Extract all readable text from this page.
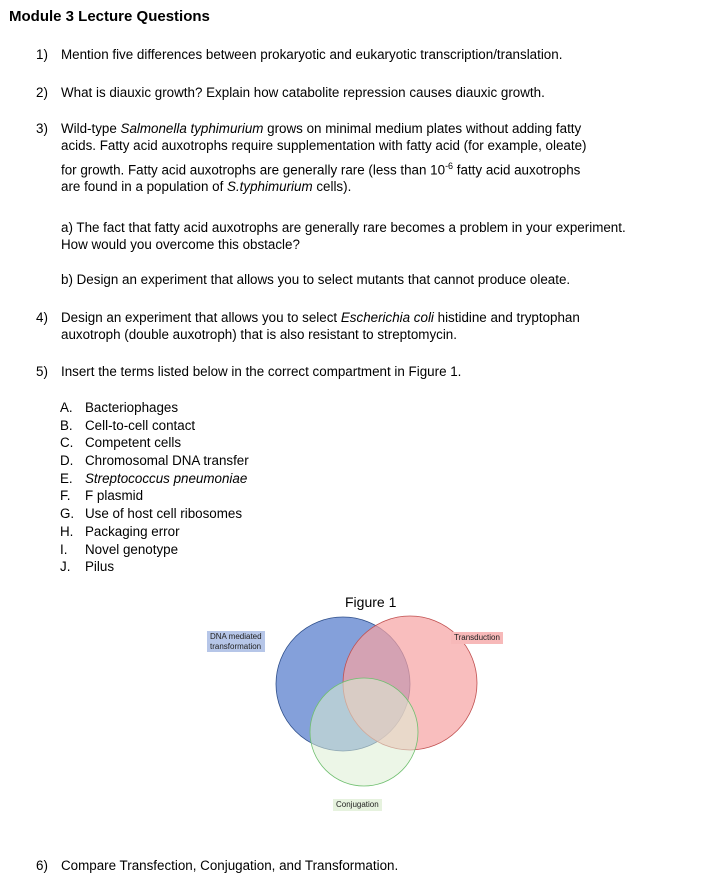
Module 3 Lecture Questions
1) Mention five differences between prokaryotic and eukaryotic transcription/translation.
2) What is diauxic growth? Explain how catabolite repression causes diauxic growth.
3) Wild-type Salmonella typhimurium grows on minimal medium plates without adding fatty
acids. Fatty acid auxotrophs require supplementation with fatty acid (for example, oleate)
for growth. Fatty acid auxotrophs are generally rare (less than $10^{-6}$ fatty acid auxotrophs
are found in a population of S.typhimurium cells).
a) The fact that fatty acid auxotrophs are generally rare becomes a problem in your experiment. How would you overcome this obstacle?
b) Design an experiment that allows you to select mutants that cannot produce oleate.
4) Design an experiment that allows you to select Escherichia coli histidine and tryptophan
auxotroph (double auxotroph) that is also resistant to streptomycin.
5) Insert the terms listed below in the correct compartment in Figure 1.
A. Bacteriophages
B. Cell-to-cell contact
C. Competent cells
D. Chromosomal DNA transfer
E. Streptococcus pneumoniae
F. F plasmid
G. Use of host cell ribosomes
H. Packaging error
I. Novel genotype
J. Pilus
Figure 1
DNA mediated
transformation
Transduction
Conjugation
6) Compare Transfection, Conjugation, and Transformation.
